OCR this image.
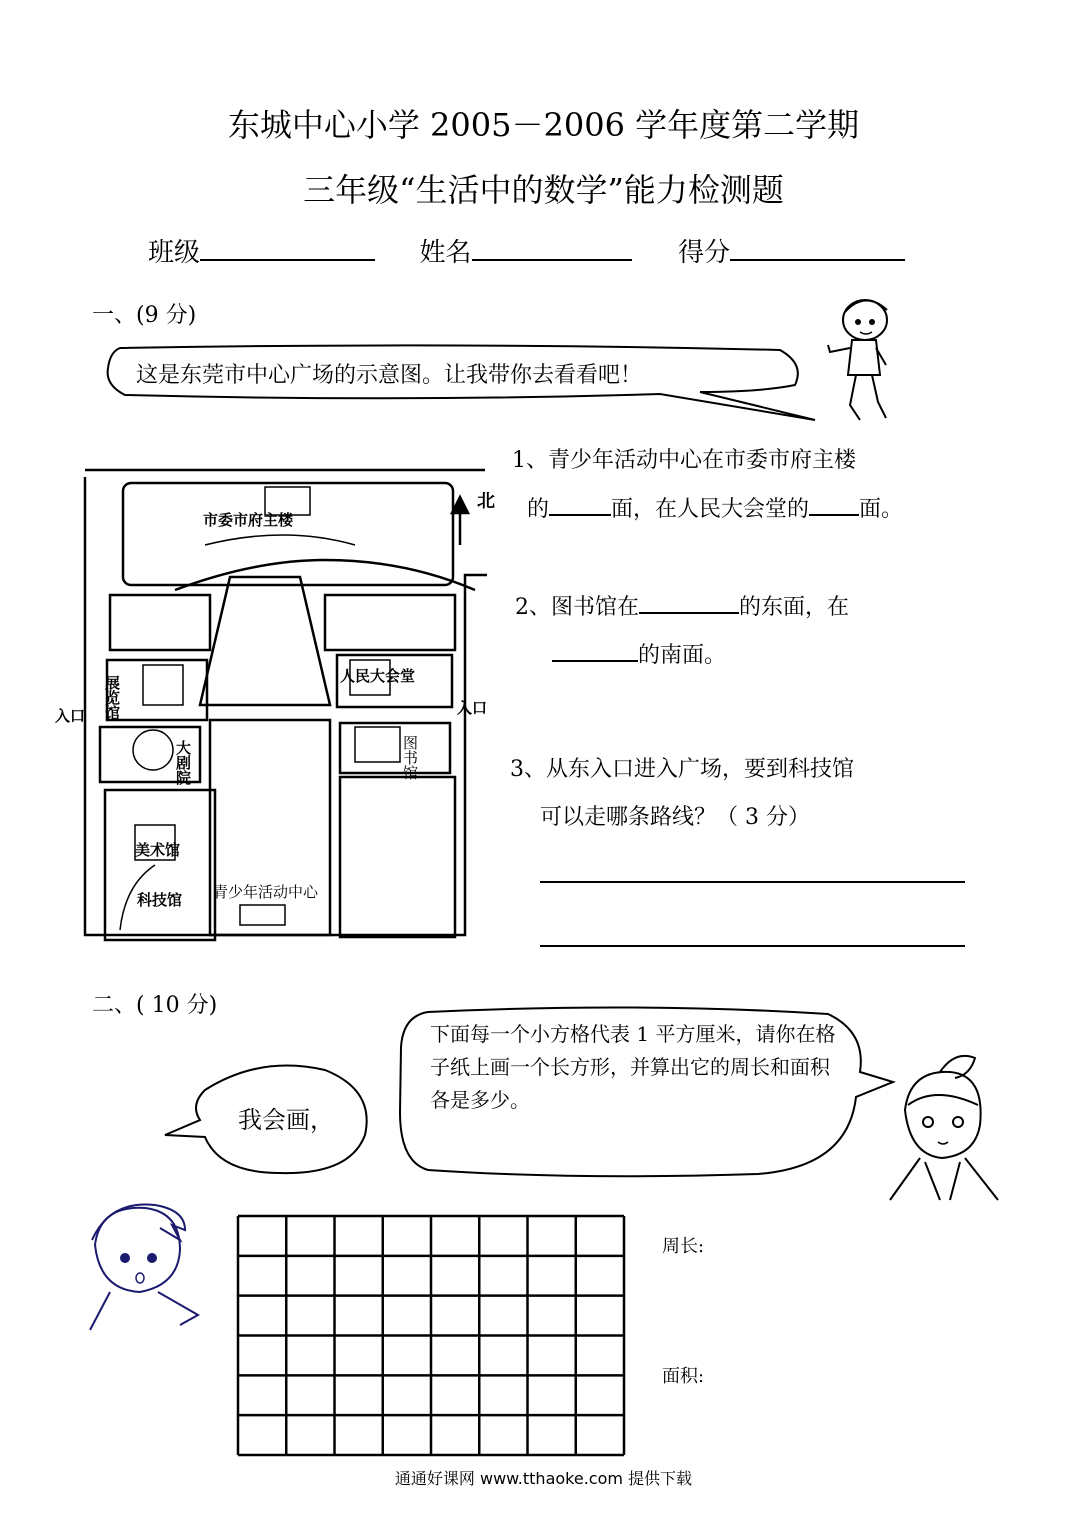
东城中心小学 2005－2006 学年度第二学期
三年级“生活中的数学”能力检测题
班级	姓名	得分
一、(9 分)
这是东莞市中心广场的示意图。让我带你去看看吧！
北
市委市府主楼
人民大会堂
入口	入口
美术馆
科技馆 青少年活动中心
展览馆
大剧院	图书馆
1、青少年活动中心在市委市府主楼
的	面，在人民大会堂的 面。
2、图书馆在	的东面，在
的南面。
3、从东入口进入广场，要到科技馆
可以走哪条路线？（ 3 分）
二、( 10 分)
我会画，
下面每一个小方格代表 1 平方厘米，请你在格子纸上画一个长方形，并算出它的周长和面积各是多少。
周长:
面积:
通通好课网 www.tthaoke.com 提供下载
